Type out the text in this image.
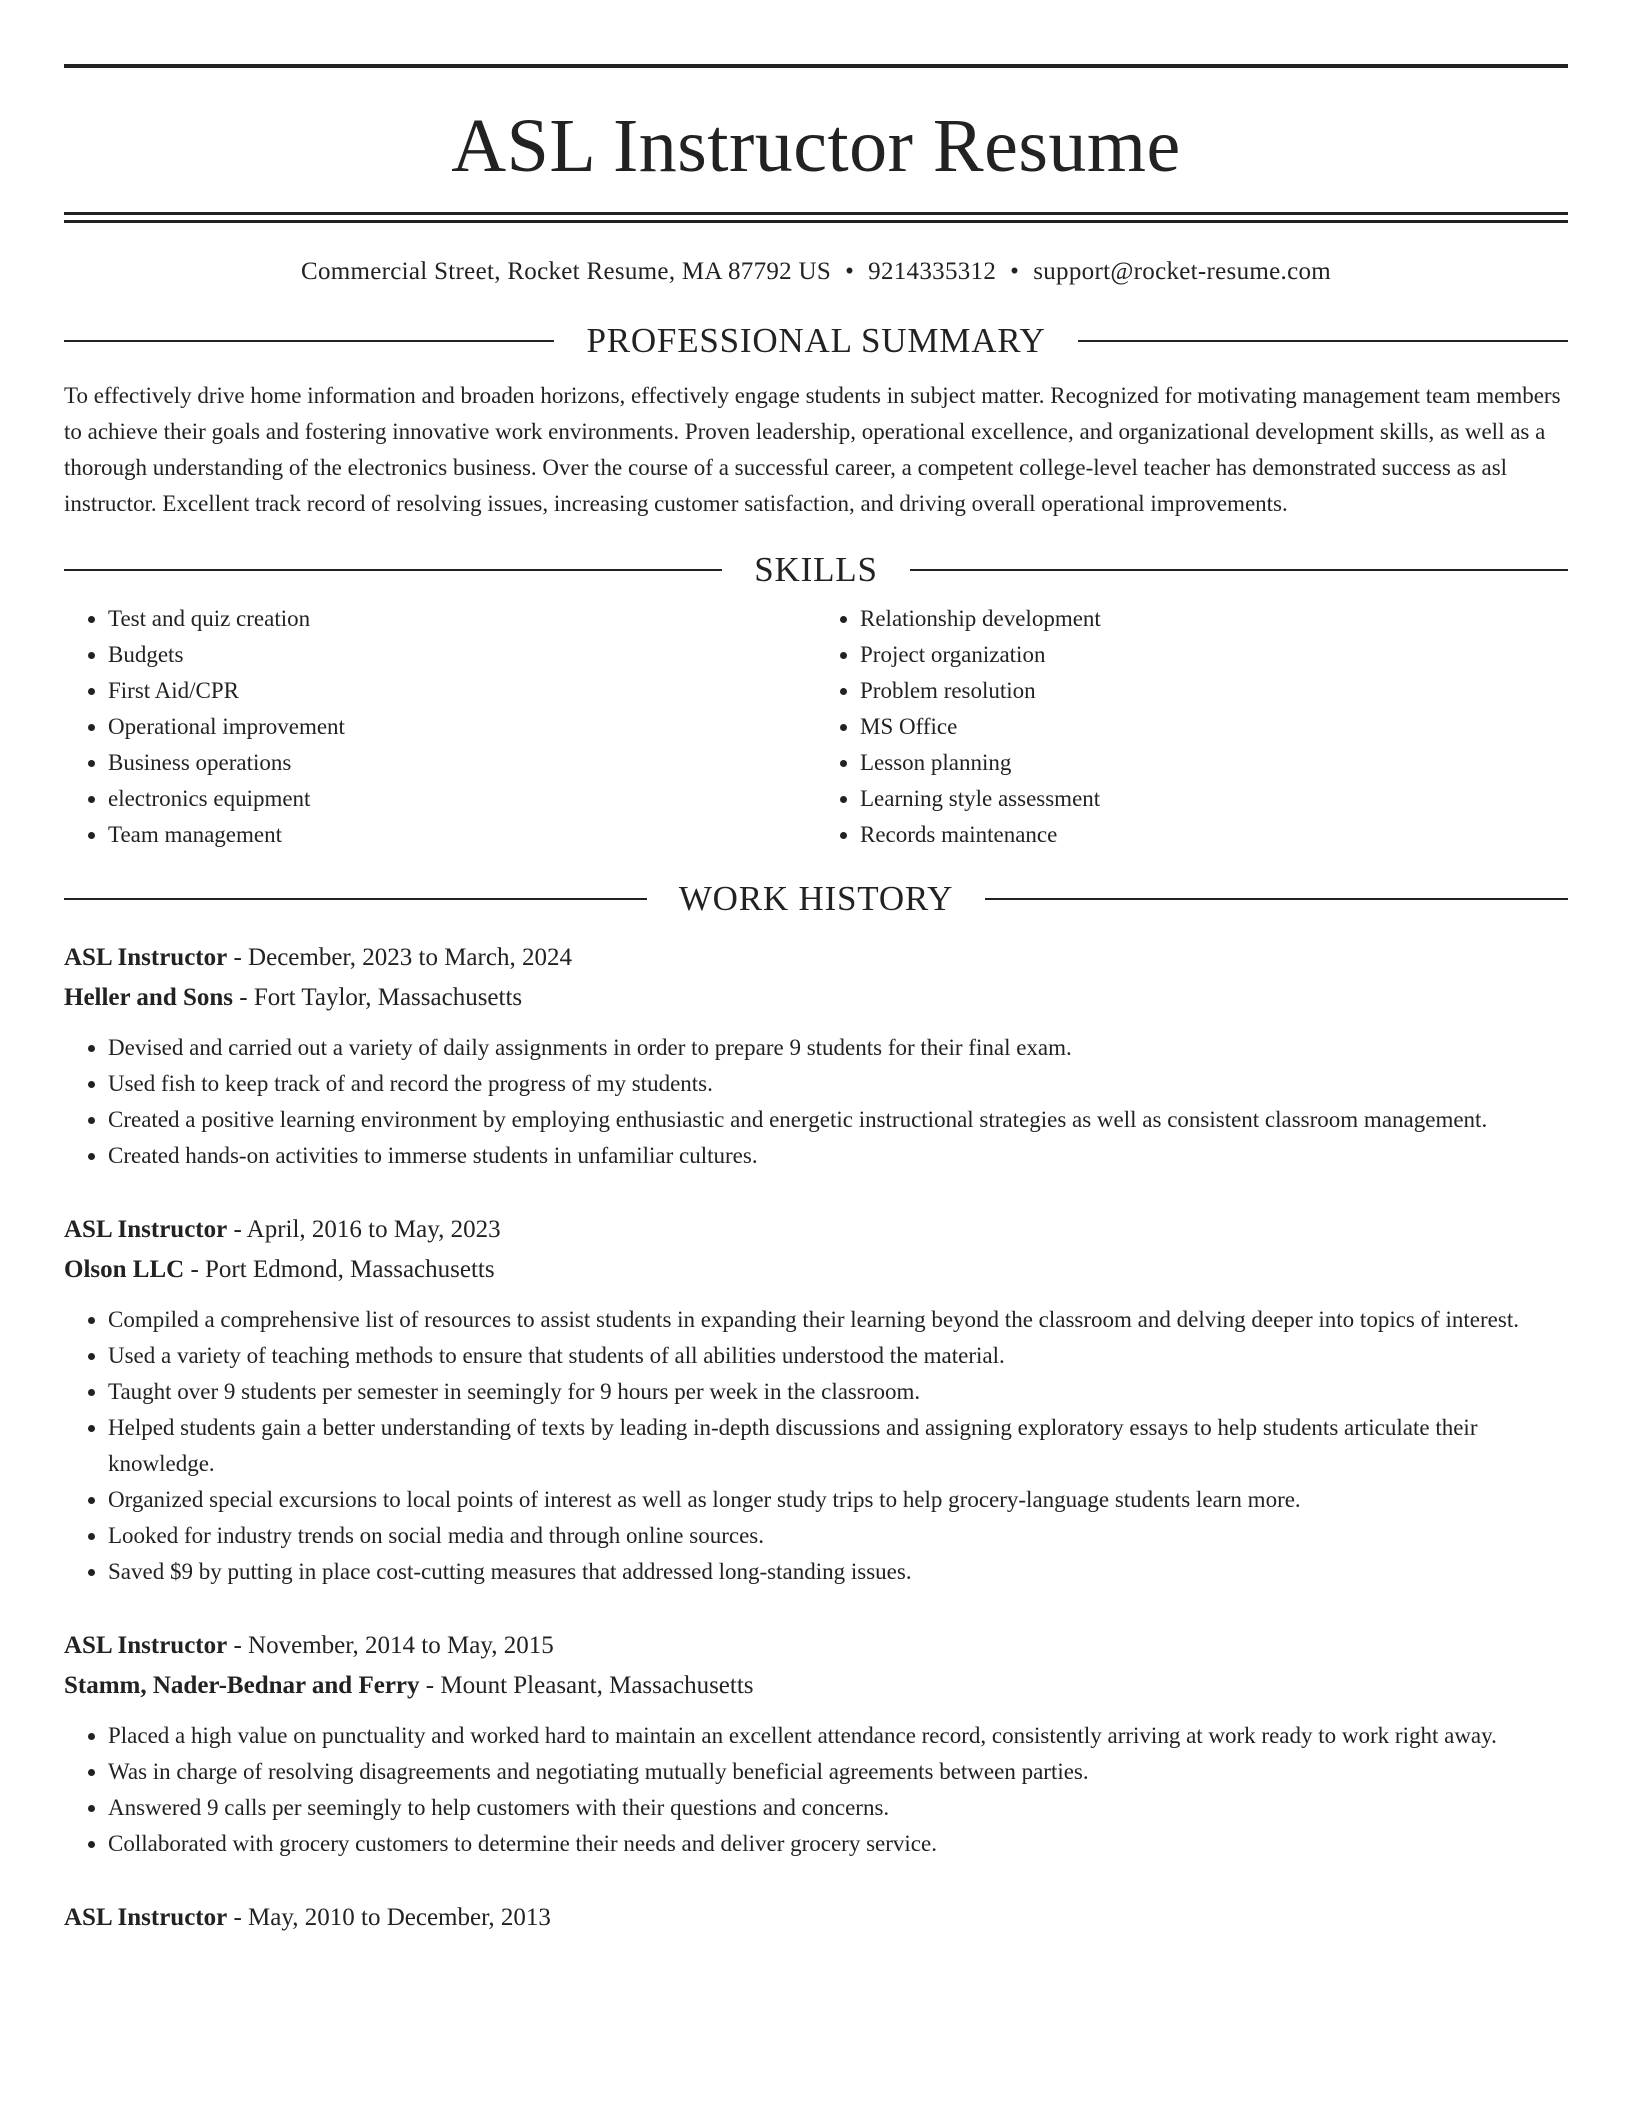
ASL Instructor Resume
Commercial Street, Rocket Resume, MA 87792 US • 9214335312 • support@rocket-resume.com
PROFESSIONAL SUMMARY

To effectively drive home information and broaden horizons, effectively engage students in subject matter. Recognized for motivating management team members to achieve their goals and fostering innovative work environments. Proven leadership, operational excellence, and organizational development skills, as well as a thorough understanding of the electronics business. Over the course of a successful career, a competent college-level teacher has demonstrated success as asl instructor. Excellent track record of resolving issues, increasing customer satisfaction, and driving overall operational improvements.

SKILLS
• Test and quiz creation
• Budgets
• First Aid/CPR
• Operational improvement
• Business operations
• electronics equipment
• Team management
• Relationship development
• Project organization
• Problem resolution
• MS Office
• Lesson planning
• Learning style assessment
• Records maintenance
WORK HISTORY
ASL Instructor - December, 2023 to March, 2024
Heller and Sons - Fort Taylor, Massachusetts
• Devised and carried out a variety of daily assignments in order to prepare 9 students for their final exam.
• Used fish to keep track of and record the progress of my students.
• Created a positive learning environment by employing enthusiastic and energetic instructional strategies as well as consistent classroom management.
• Created hands-on activities to immerse students in unfamiliar cultures.
ASL Instructor - April, 2016 to May, 2023
Olson LLC - Port Edmond, Massachusetts
• Compiled a comprehensive list of resources to assist students in expanding their learning beyond the classroom and delving deeper into topics of interest.
• Used a variety of teaching methods to ensure that students of all abilities understood the material.
• Taught over 9 students per semester in seemingly for 9 hours per week in the classroom.
• Helped students gain a better understanding of texts by leading in-depth discussions and assigning exploratory essays to help students articulate their knowledge.
• Organized special excursions to local points of interest as well as longer study trips to help grocery-language students learn more.
• Looked for industry trends on social media and through online sources.
• Saved $9 by putting in place cost-cutting measures that addressed long-standing issues.
ASL Instructor - November, 2014 to May, 2015
Stamm, Nader-Bednar and Ferry - Mount Pleasant, Massachusetts
• Placed a high value on punctuality and worked hard to maintain an excellent attendance record, consistently arriving at work ready to work right away.
• Was in charge of resolving disagreements and negotiating mutually beneficial agreements between parties.
• Answered 9 calls per seemingly to help customers with their questions and concerns.
• Collaborated with grocery customers to determine their needs and deliver grocery service.
ASL Instructor - May, 2010 to December, 2013
